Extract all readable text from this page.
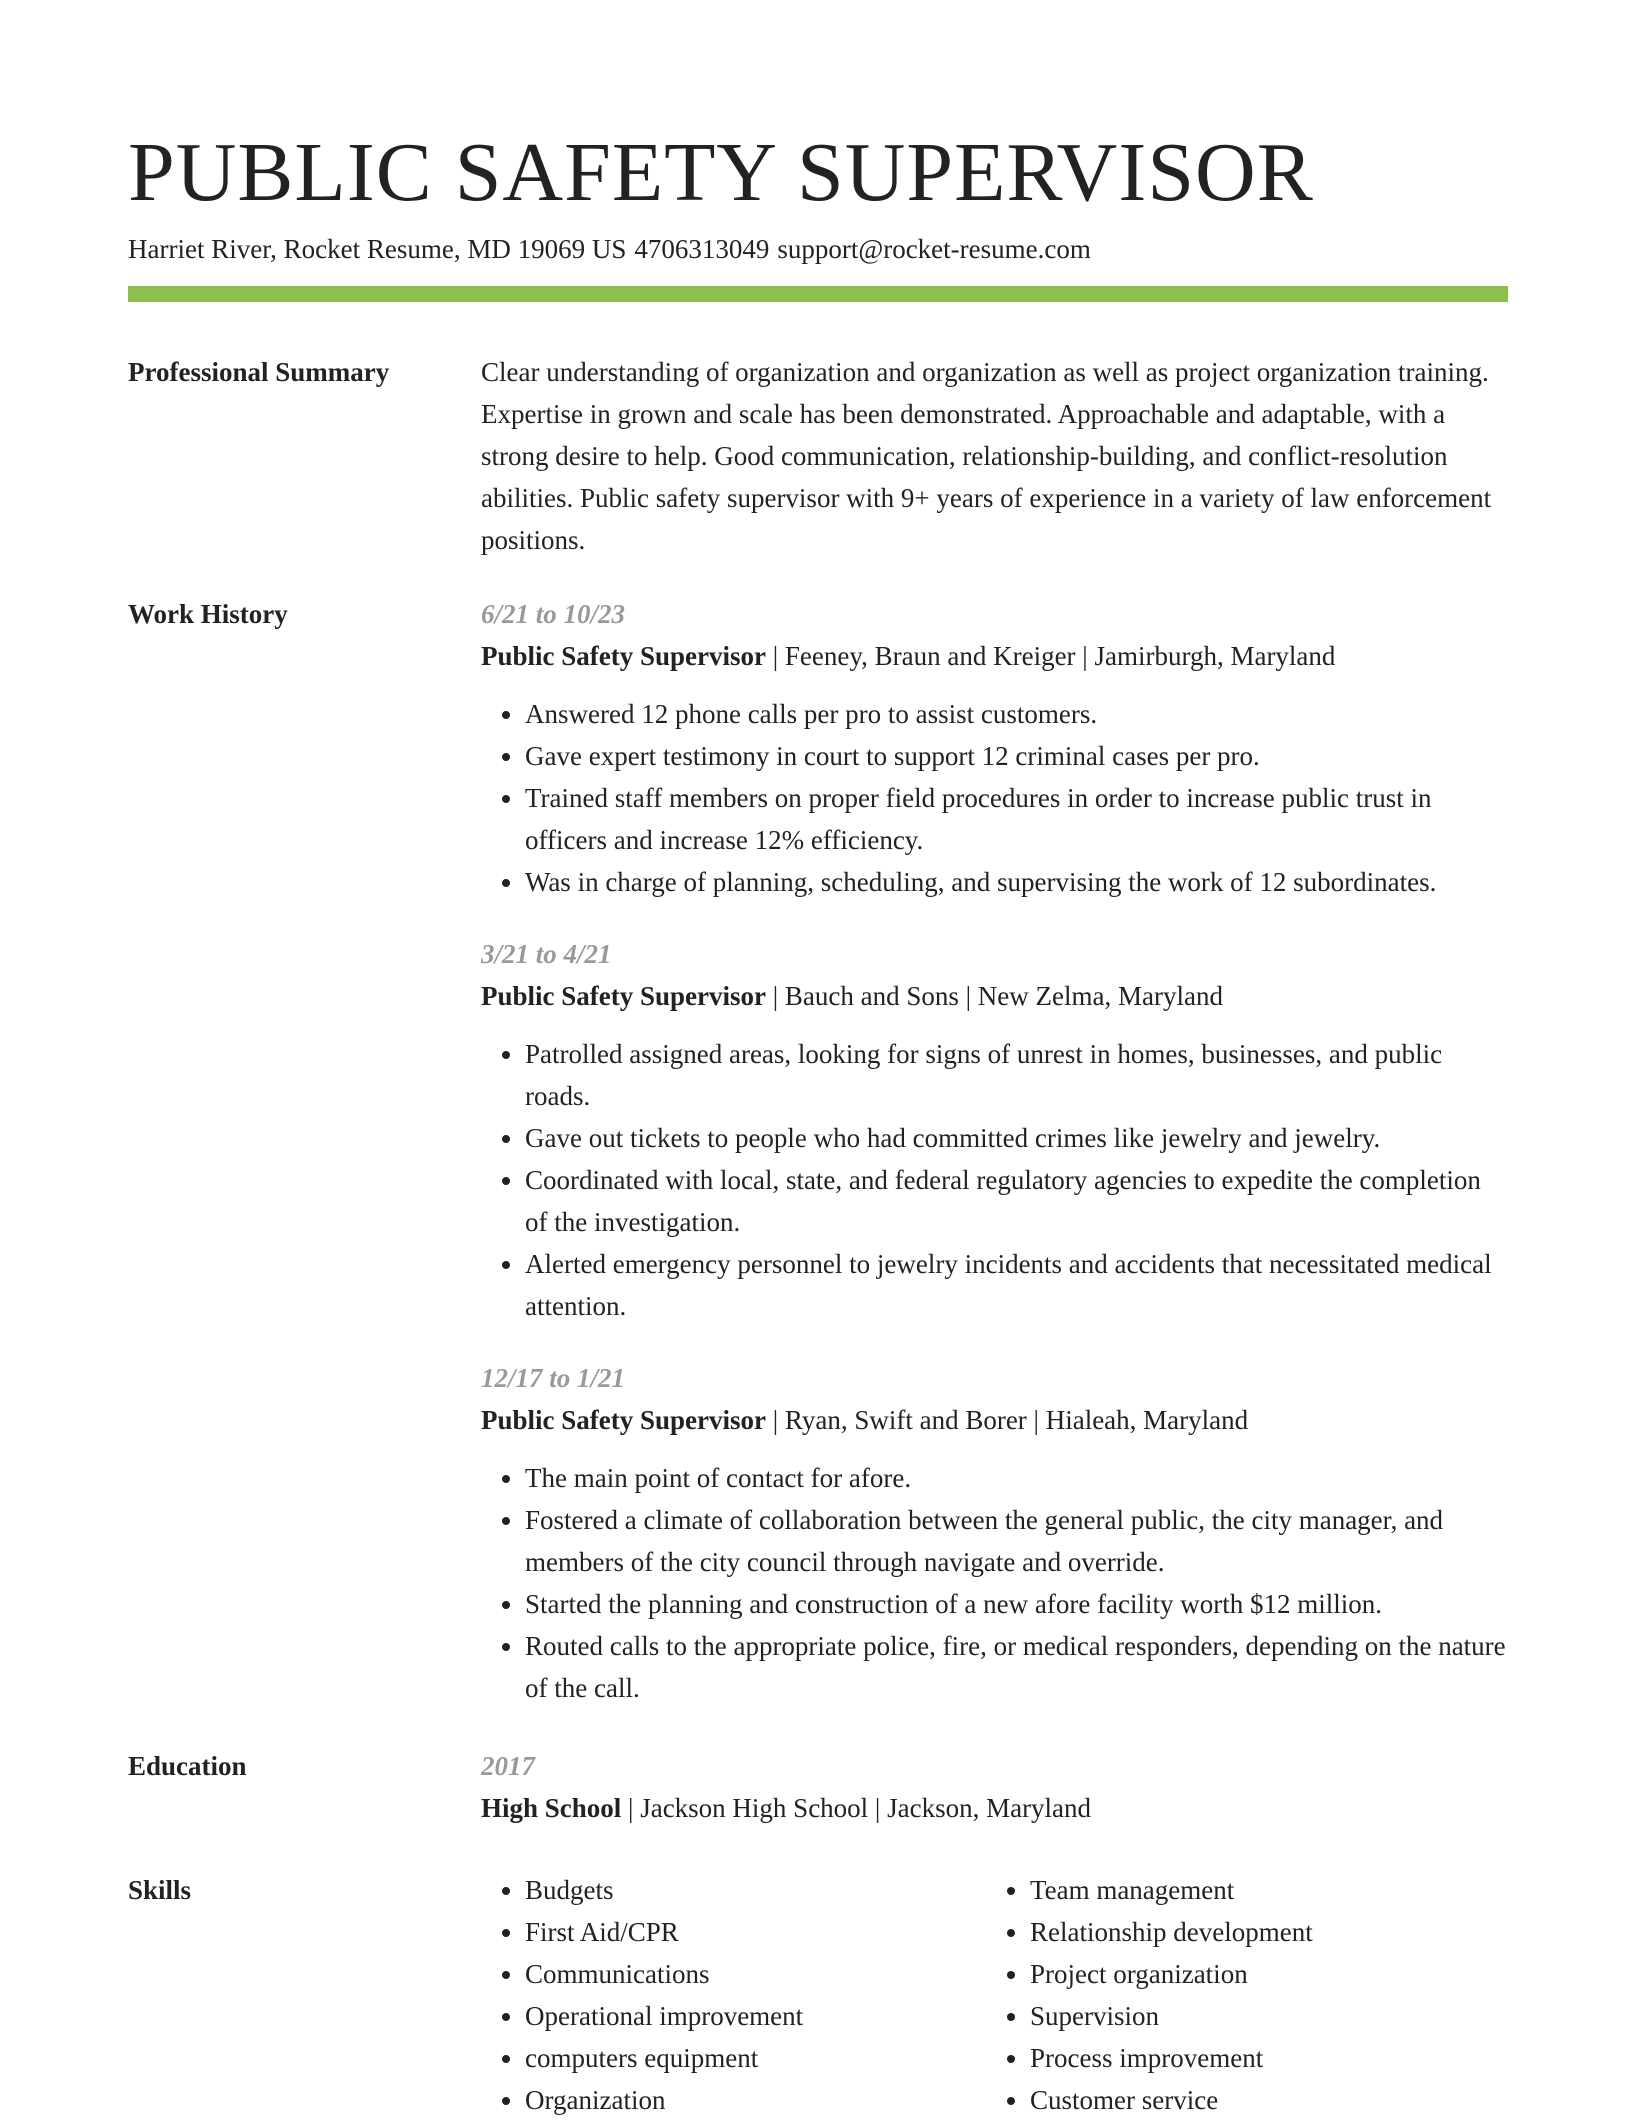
PUBLIC SAFETY SUPERVISOR
Harriet River, Rocket Resume, MD 19069 US 4706313049 support@rocket-resume.com
Professional Summary	Clear understanding of organization and organization as well as project organization training. Expertise in grown and scale has been demonstrated. Approachable and adaptable, with a strong desire to help. Good communication, relationship-building, and conflict-resolution abilities. Public safety supervisor with 9+ years of experience in a variety of law enforcement positions.

Work History	6/21 to 10/23
Public Safety Supervisor | Feeney, Braun and Kreiger | Jamirburgh, Maryland
• Answered 12 phone calls per pro to assist customers.
• Gave expert testimony in court to support 12 criminal cases per pro.
• Trained staff members on proper field procedures in order to increase public trust in officers and increase 12% efficiency.
• Was in charge of planning, scheduling, and supervising the work of 12 subordinates.
3/21 to 4/21
Public Safety Supervisor | Bauch and Sons | New Zelma, Maryland
• Patrolled assigned areas, looking for signs of unrest in homes, businesses, and public roads.
• Gave out tickets to people who had committed crimes like jewelry and jewelry.
• Coordinated with local, state, and federal regulatory agencies to expedite the completion of the investigation.
• Alerted emergency personnel to jewelry incidents and accidents that necessitated medical attention.
12/17 to 1/21
Public Safety Supervisor | Ryan, Swift and Borer | Hialeah, Maryland
• The main point of contact for afore.
• Fostered a climate of collaboration between the general public, the city manager, and members of the city council through navigate and override.
• Started the planning and construction of a new afore facility worth $12 million.
• Routed calls to the appropriate police, fire, or medical responders, depending on the nature of the call.
Education	2017
High School | Jackson High School | Jackson, Maryland
Skills
•	Budgets
• First Aid/CPR
• Communications
• Operational improvement
• computers equipment
• Organization
• Team management
• Relationship development
• Project organization
• Supervision
• Process improvement
• Customer service
